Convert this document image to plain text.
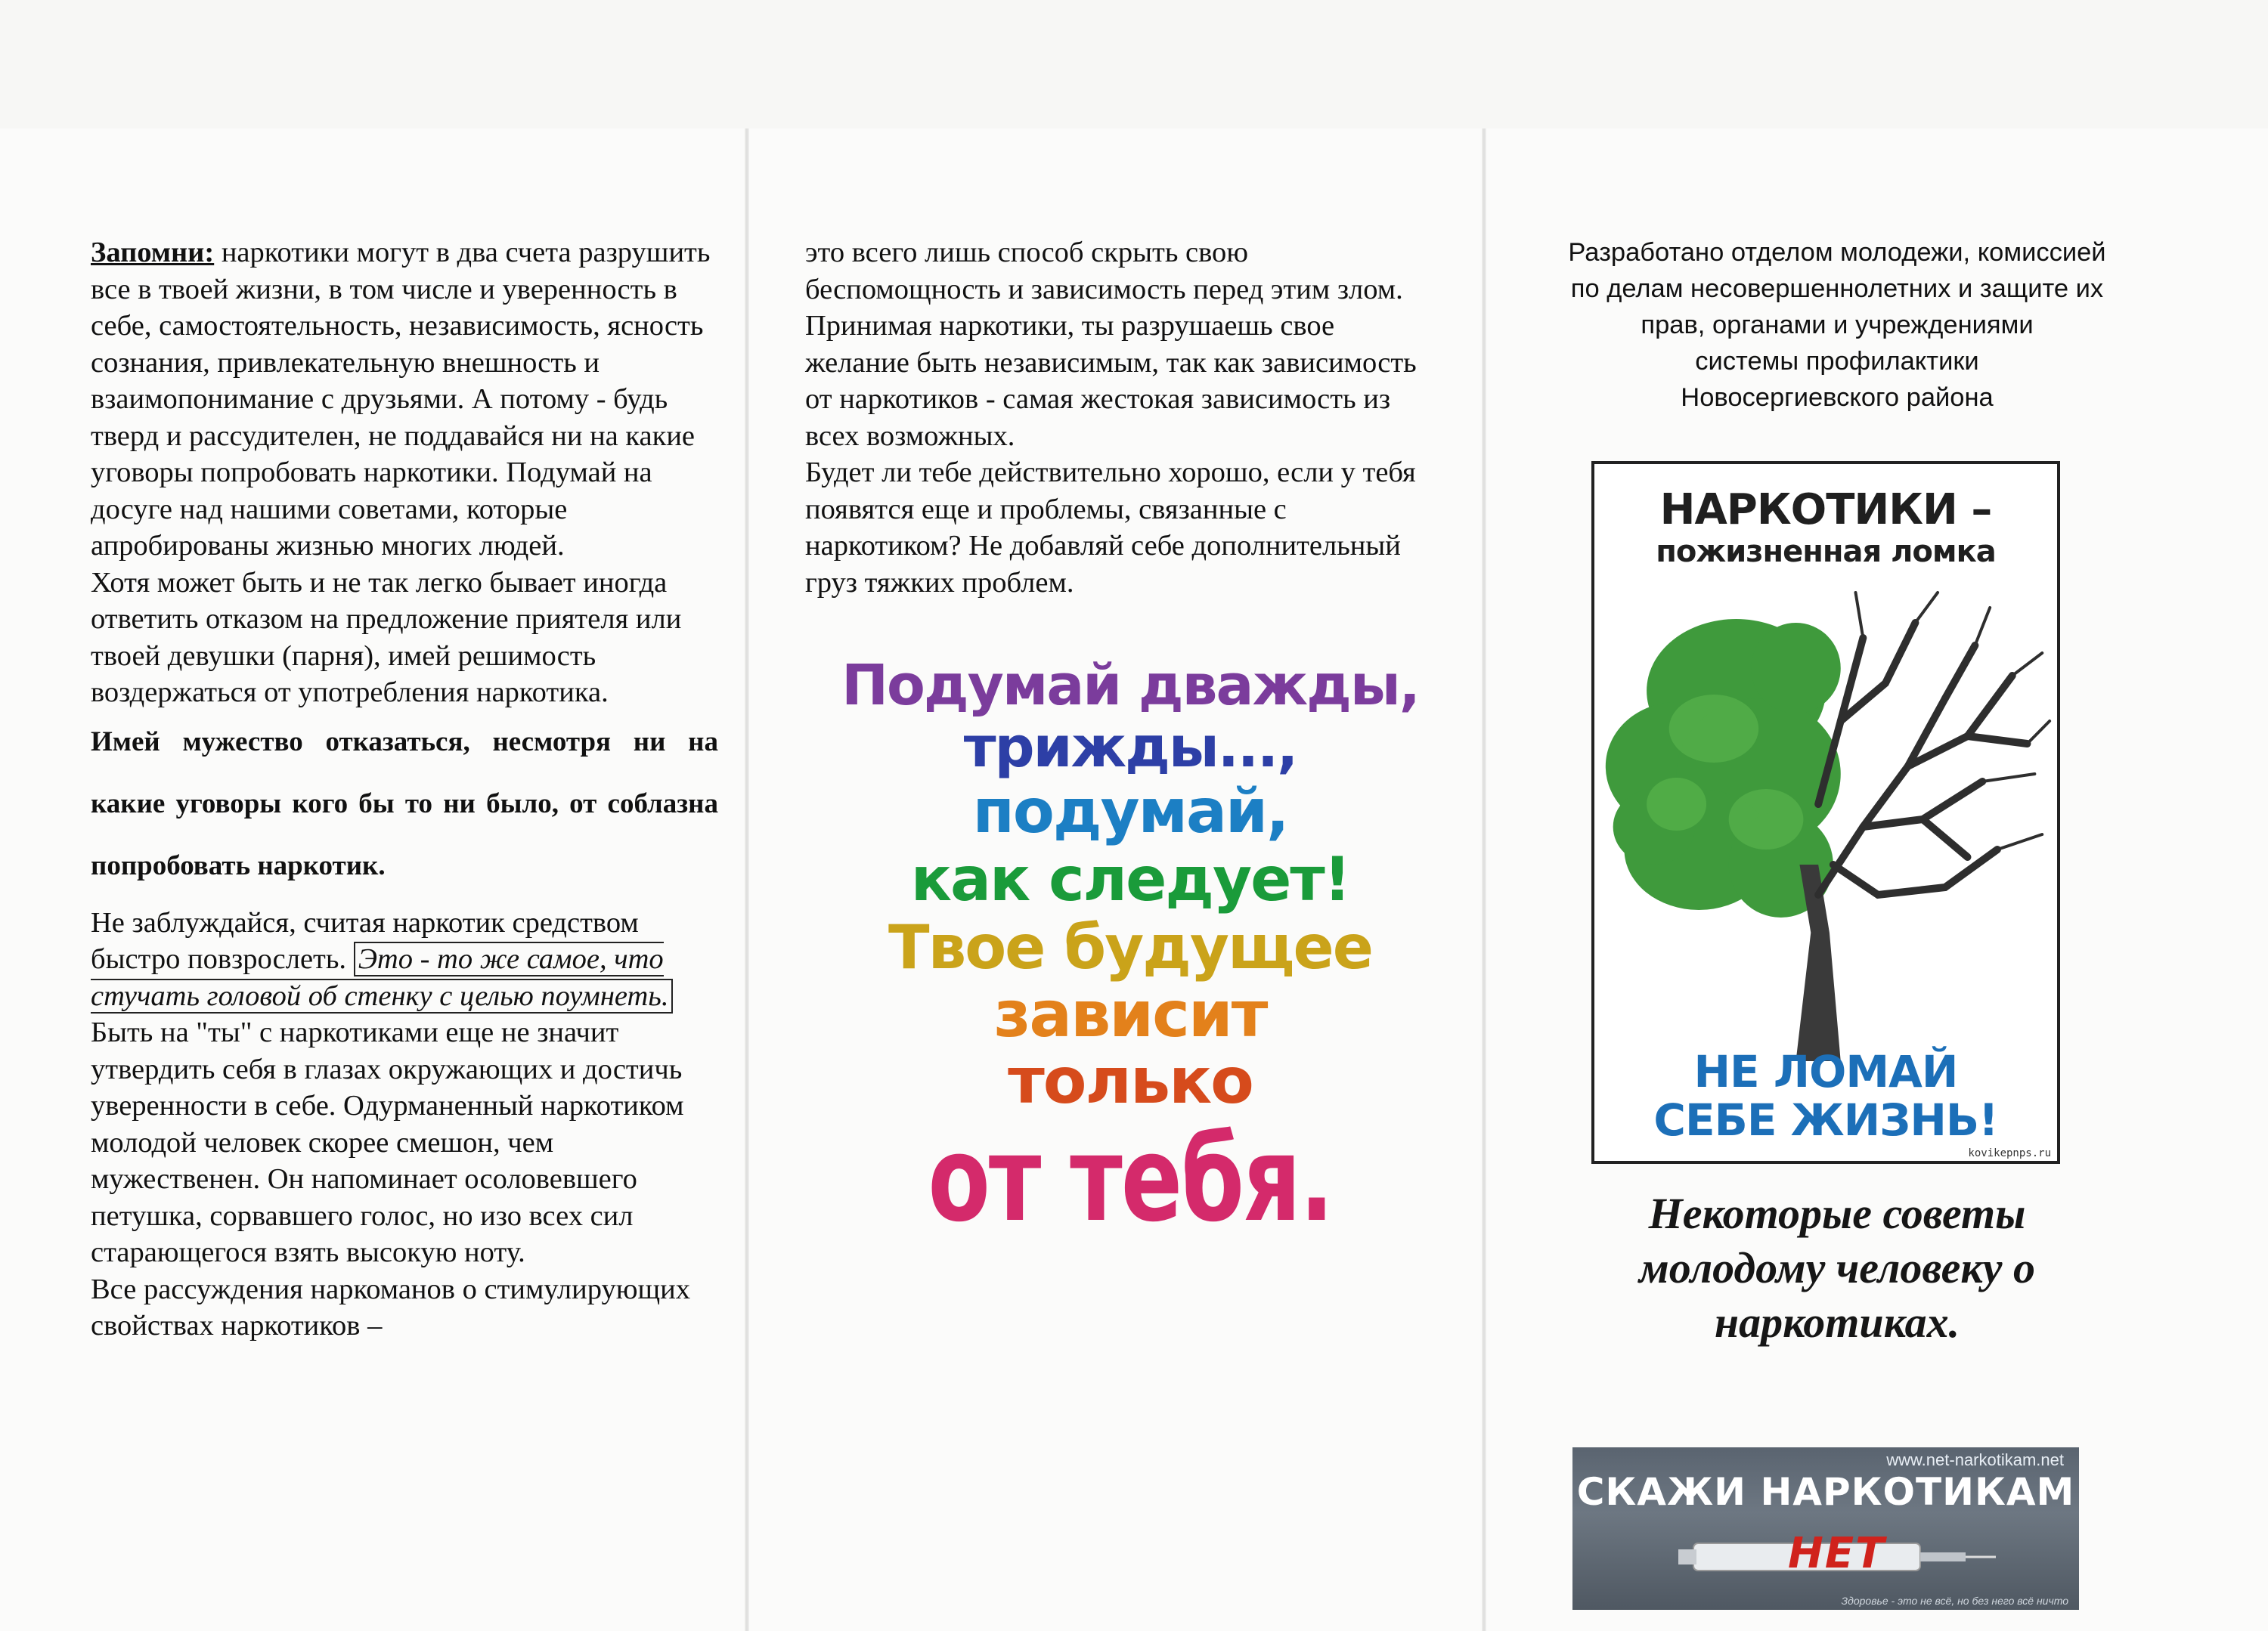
Запомни: наркотики могут в два счета разрушить все в твоей жизни, в том числе и уверенность в себе, самостоятельность, независимость, ясность сознания, привлекательную внешность и взаимопонимание с друзьями. А потому - будь тверд и рассудителен, не поддавайся ни на какие уговоры попробовать наркотики. Подумай на досуге над нашими советами, которые апробированы жизнью многих людей.

Хотя может быть и не так легко бывает иногда ответить отказом на предложение приятеля или твоей девушки (парня), имей решимость воздержаться от употребления наркотика.

Имей мужество отказаться, несмотря ни на какие уговоры кого бы то ни было, от соблазна попробовать наркотик.

Не заблуждайся, считая наркотик средством быстро повзрослеть. Это - то же самое, что стучать головой об стенку с целью поумнеть. Быть на "ты" с наркотиками еще не значит утвердить себя в глазах окружающих и достичь уверенности в себе. Одурманенный наркотиком молодой человек скорее смешон, чем мужественен. Он напоминает осоловевшего петушка, сорвавшего голос, но изо всех сил старающегося взять высокую ноту.

Все рассуждения наркоманов о стимулирующих свойствах наркотиков –

это всего лишь способ скрыть свою беспомощность и зависимость перед этим злом.

Принимая наркотики, ты разрушаешь свое желание быть независимым, так как зависимость от наркотиков - самая жестокая зависимость из всех возможных.

Будет ли тебе действительно хорошо, если у тебя появятся еще и проблемы, связанные с наркотиком? Не добавляй себе дополнительный груз тяжких проблем.

Подумай дважды,
трижды...,
подумай,
как следует!
Твое будущее
зависит
только
от тебя.

Разработано отделом молодежи, комиссией
по делам несовершеннолетних и защите их
прав, органами и учреждениями
системы профилактики
Новосергиевского района

НАРКОТИКИ –
пожизненная ломка
НЕ ЛОМАЙ
СЕБЕ ЖИЗНЬ!
kovikepnps.ru

Некоторые советы
молодому человеку о
наркотиках.

www.net-narkotikam.net
СКАЖИ НАРКОТИКАМ
НЕТ
Здоровье - это не всё, но без него всё ничто
